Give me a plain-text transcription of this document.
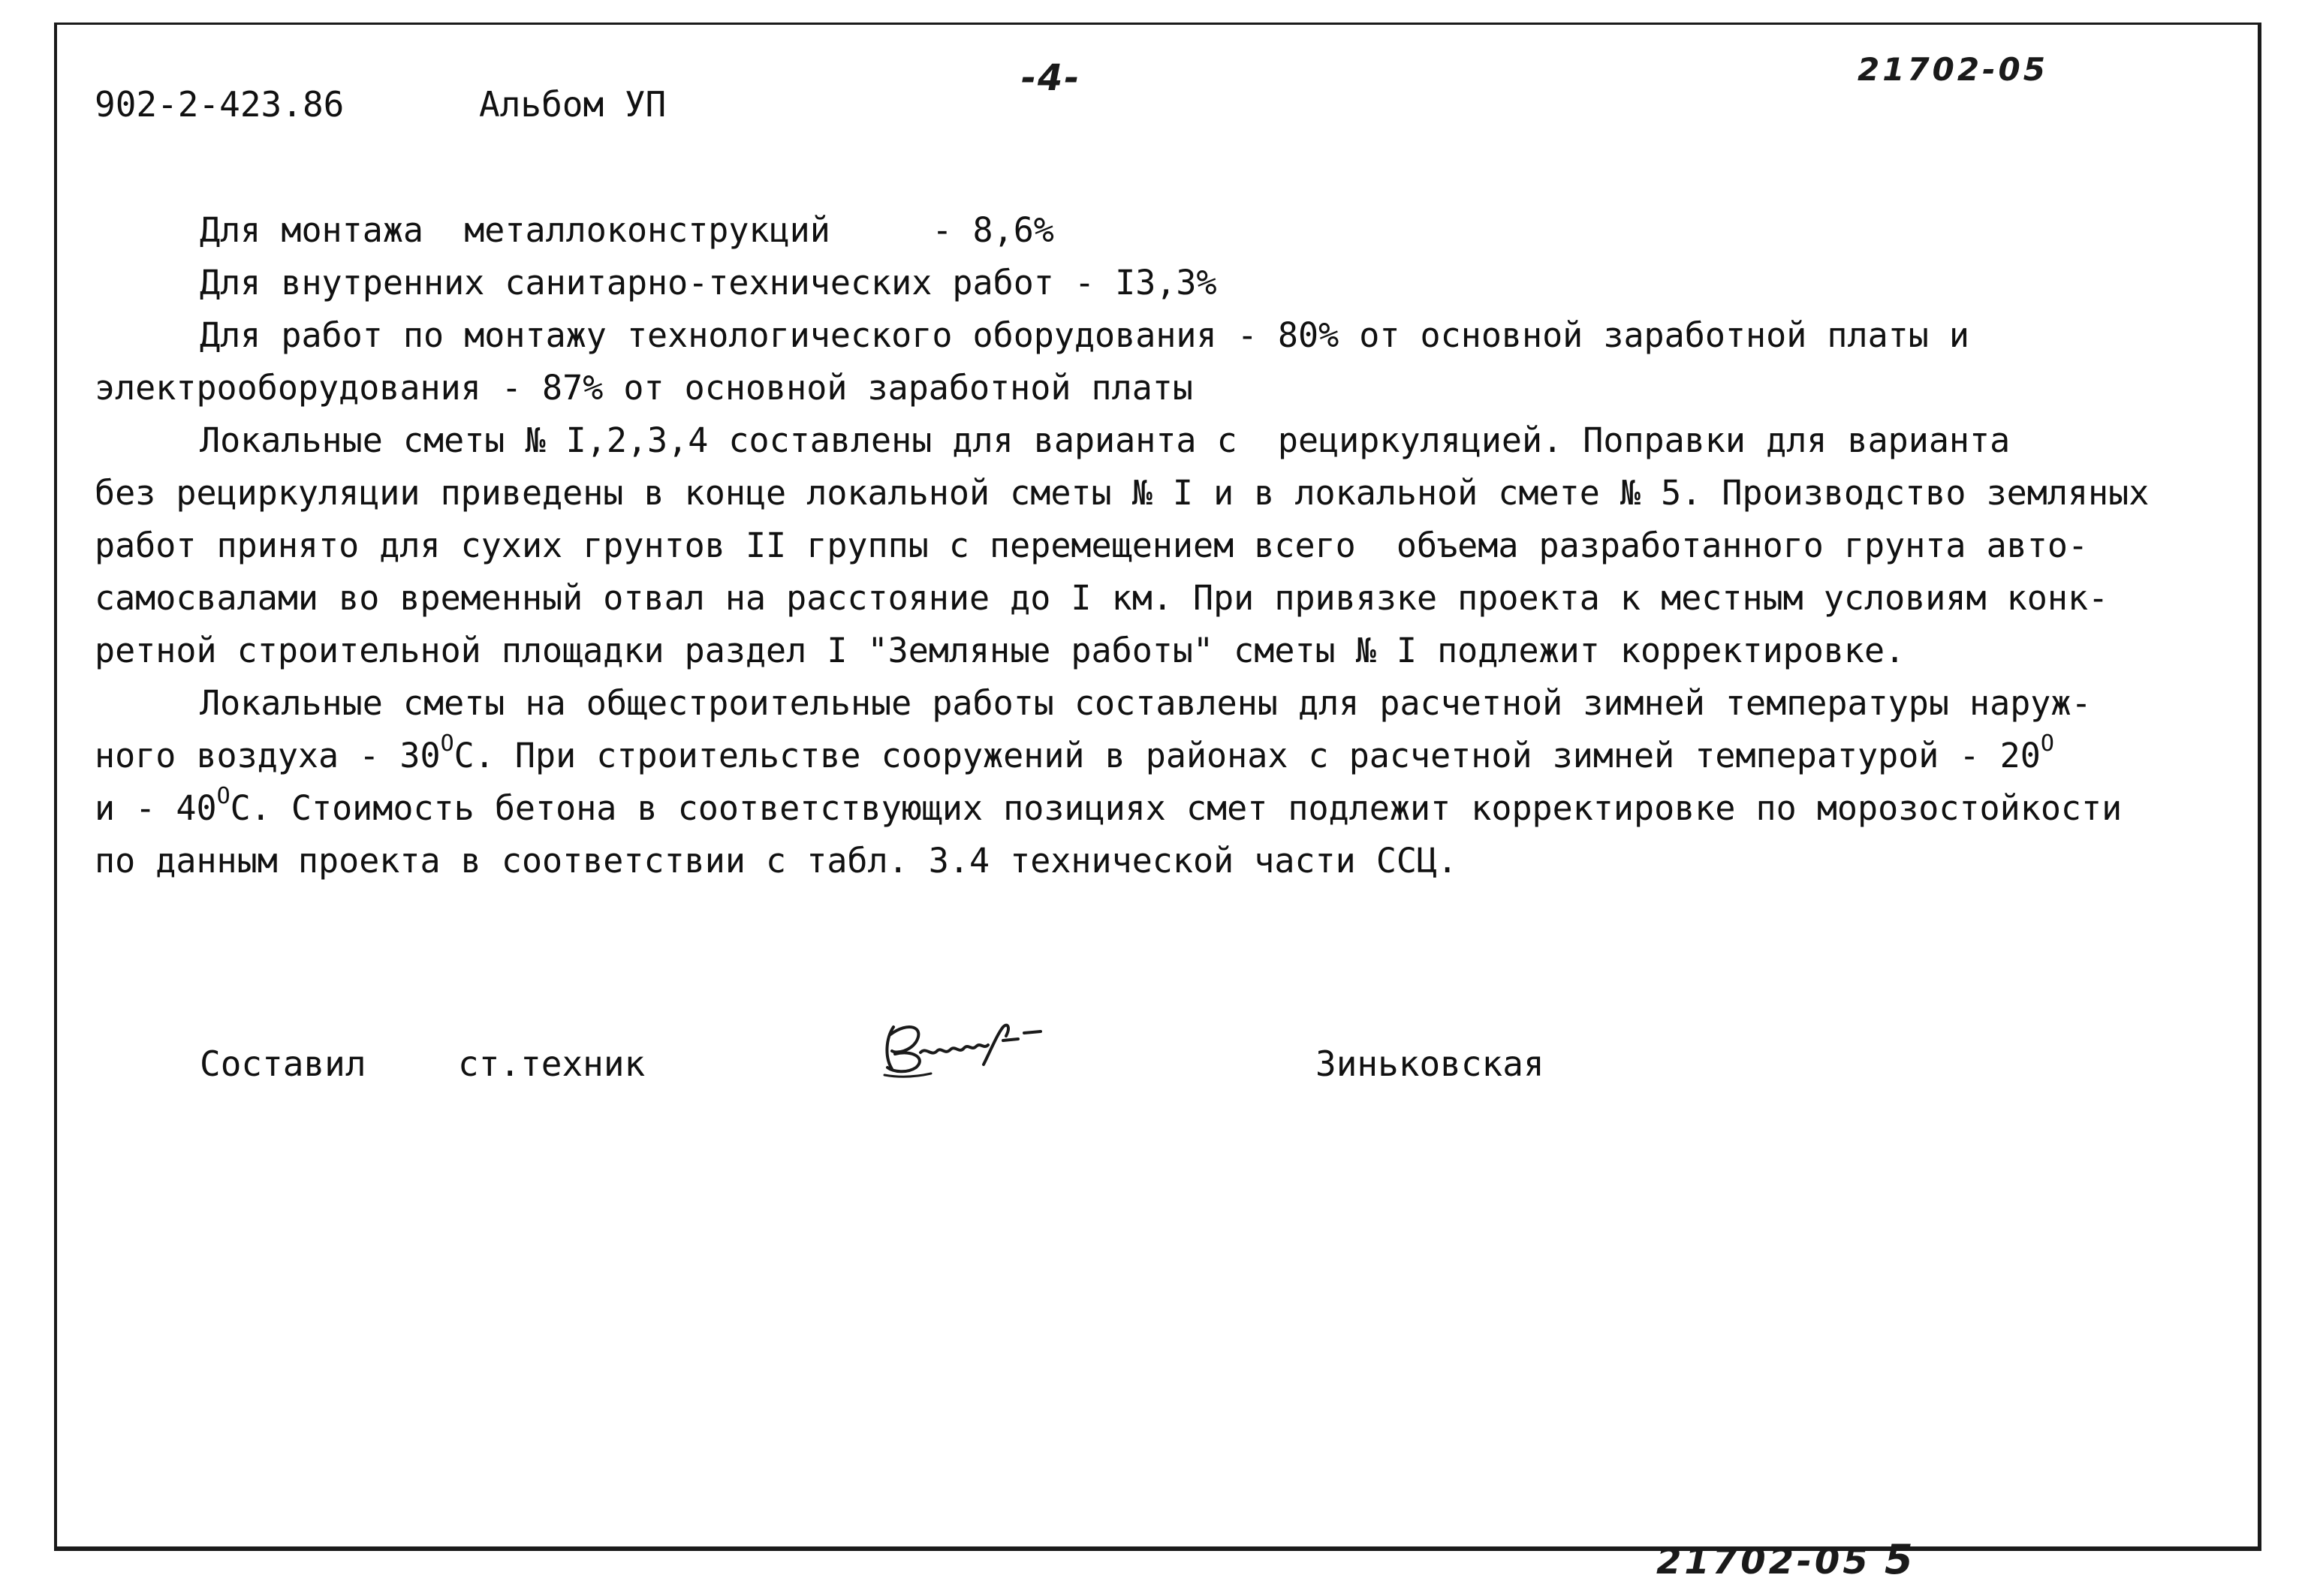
902-2-423.86	Альбом УП
-4-	21702-05
Для монтажа  металлоконструкций     - 8,6%
Для внутренних санитарно-технических работ - I3,3%
Для работ по монтажу технологического оборудования - 80% от основной заработной платы и
электрооборудования - 87% от основной заработной платы
Локальные сметы № I,2,3,4 составлены для варианта с  рециркуляцией. Поправки для варианта
без рециркуляции приведены в конце локальной сметы № I и в локальной смете № 5. Производство земляных
работ принято для сухих грунтов II группы с перемещением всего  объема разработанного грунта авто-
самосвалами во временный отвал на расстояние до I км. При привязке проекта к местным условиям конк-
ретной строительной площадки раздел I "Земляные работы" сметы № I подлежит корректировке.
Локальные сметы на общестроительные работы составлены для расчетной зимней температуры наруж-
ного воздуха - $30^ОС$. При строительстве сооружений в районах с расчетной зимней температурой - $20^О$
и - $40^ОС$. Стоимость бетона в соответствующих позициях смет подлежит корректировке по морозостойкости
по данным проекта в соответствии с табл. 3.4 технической части ССЦ.
Составил	ст.техник	Зиньковская
21702-05 5
